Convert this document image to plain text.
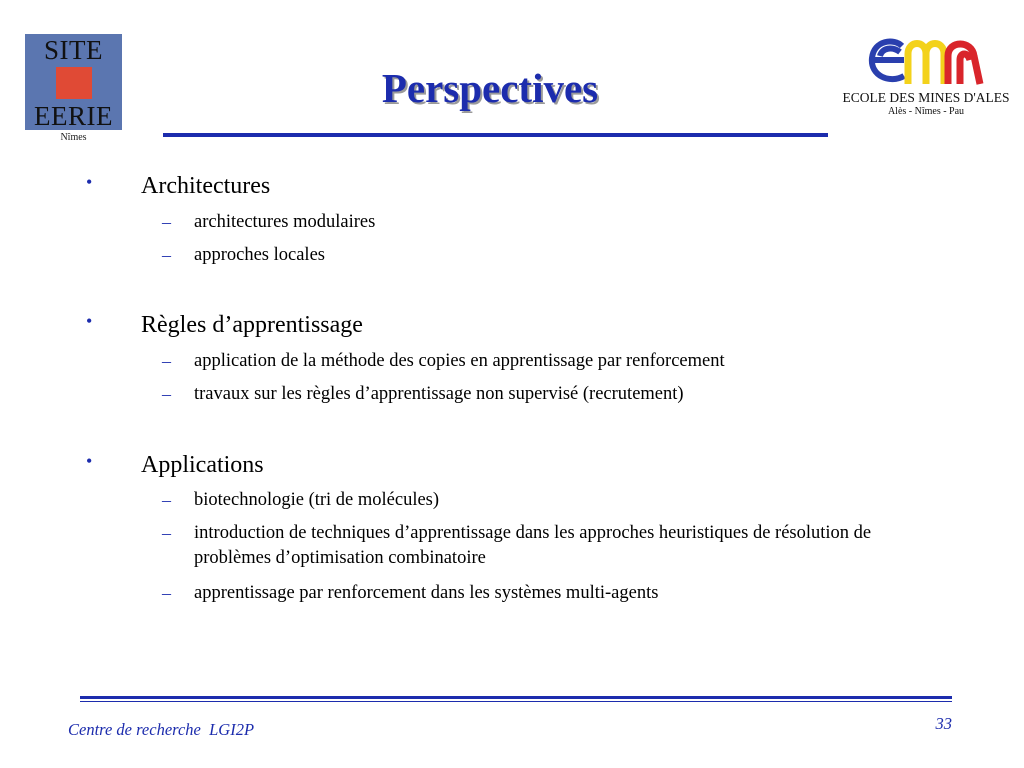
SITE
EERIE
Nîmes
Perspectives	ECOLE DES MINES D'ALES
Alès - Nîmes - Pau
• Architectures
– architectures modulaires
– approches locales
• Règles d’apprentissage
– application de la méthode des copies en apprentissage par renforcement
– travaux sur les règles d’apprentissage non supervisé (recrutement)
• Applications
– biotechnologie (tri de molécules)
– introduction de techniques d’apprentissage dans les approches heuristiques de résolution de problèmes d’optimisation combinatoire
– apprentissage par renforcement dans les systèmes multi-agents
Centre de recherche  LGI2P	33
